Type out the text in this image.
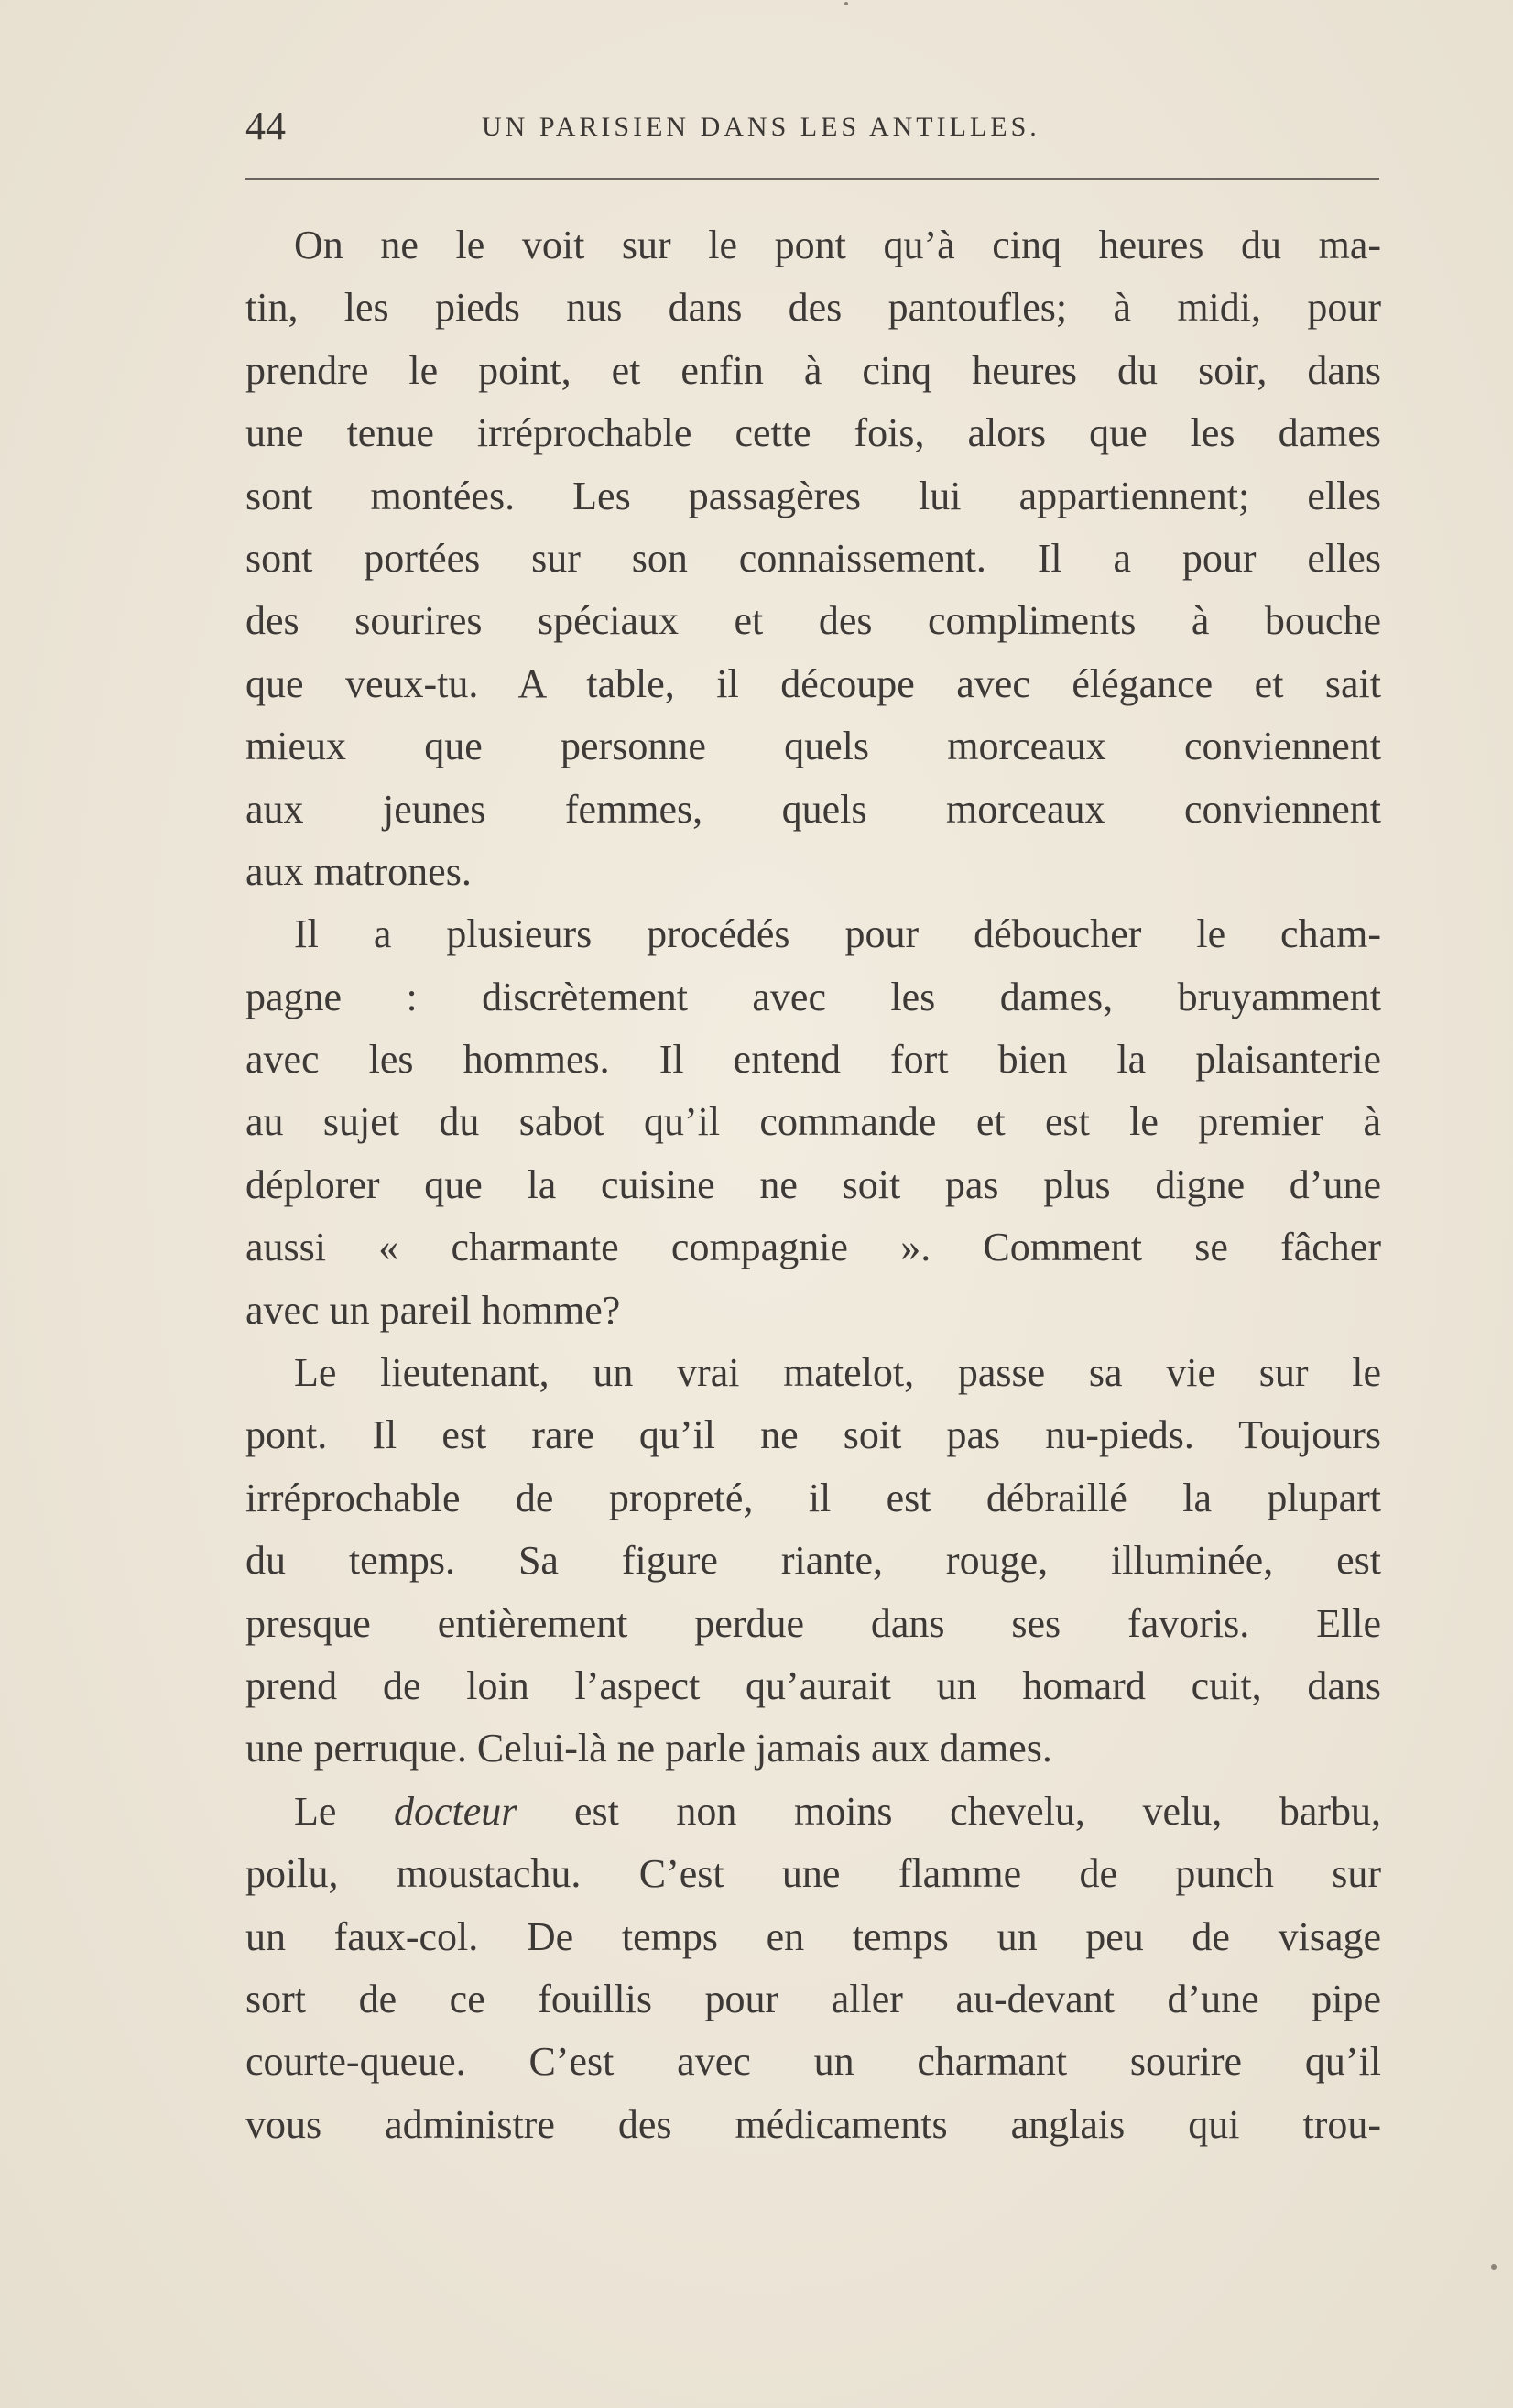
44	UN PARISIEN DANS LES ANTILLES.
On ne le voit sur le pont qu’à cinq heures du ma-
tin, les pieds nus dans des pantoufles; à midi, pour
prendre le point, et enfin à cinq heures du soir, dans
une tenue irréprochable cette fois, alors que les dames
sont montées. Les passagères lui appartiennent; elles
sont portées sur son connaissement. Il a pour elles
des sourires spéciaux et des compliments à bouche
que veux-tu. A table, il découpe avec élégance et sait
mieux que personne quels morceaux conviennent
aux jeunes femmes, quels morceaux conviennent
aux matrones.
Il a plusieurs procédés pour déboucher le cham-
pagne : discrètement avec les dames, bruyamment
avec les hommes. Il entend fort bien la plaisanterie
au sujet du sabot qu’il commande et est le premier à
déplorer que la cuisine ne soit pas plus digne d’une
aussi « charmante compagnie ». Comment se fâcher
avec un pareil homme?
Le lieutenant, un vrai matelot, passe sa vie sur le
pont. Il est rare qu’il ne soit pas nu-pieds. Toujours
irréprochable de propreté, il est débraillé la plupart
du temps. Sa figure riante, rouge, illuminée, est
presque entièrement perdue dans ses favoris. Elle
prend de loin l’aspect qu’aurait un homard cuit, dans
une perruque. Celui-là ne parle jamais aux dames.
Le docteur est non moins chevelu, velu, barbu,
poilu, moustachu. C’est une flamme de punch sur
un faux-col. De temps en temps un peu de visage
sort de ce fouillis pour aller au-devant d’une pipe
courte-queue. C’est avec un charmant sourire qu’il
vous administre des médicaments anglais qui trou-
